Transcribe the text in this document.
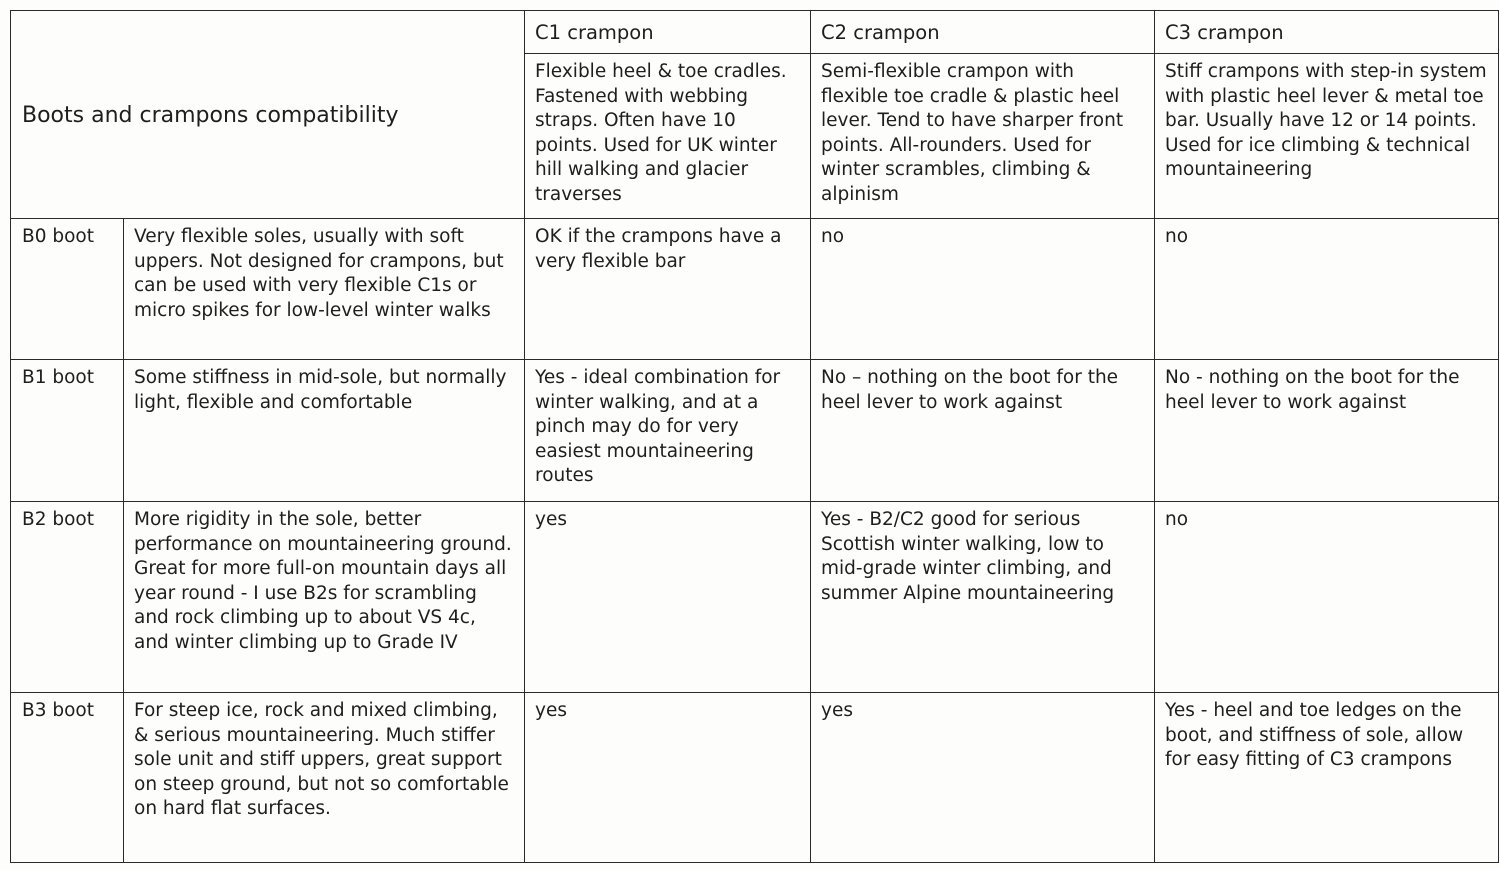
Boots and crampons compatibility		C1 crampon	C2 crampon	C3 crampon
		Flexible heel & toe cradles. Fastened with webbing straps. Often have 10 points. Used for UK winter hill walking and glacier traverses	Semi-flexible crampon with flexible toe cradle & plastic heel lever. Tend to have sharper front points. All-rounders. Used for winter scrambles, climbing & alpinism	Stiff crampons with step-in system with plastic heel lever & metal toe bar. Usually have 12 or 14 points. Used for ice climbing & technical mountaineering
B0 boot	Very flexible soles, usually with soft uppers. Not designed for crampons, but can be used with very flexible C1s or micro spikes for low-level winter walks	OK if the crampons have a very flexible bar	no	no
B1 boot	Some stiffness in mid-sole, but normally light, flexible and comfortable	Yes - ideal combination for winter walking, and at a pinch may do for very easiest mountaineering routes	No – nothing on the boot for the heel lever to work against	No - nothing on the boot for the heel lever to work against
B2 boot	More rigidity in the sole, better performance on mountaineering ground. Great for more full-on mountain days all year round - I use B2s for scrambling and rock climbing up to about VS 4c, and winter climbing up to Grade IV	yes	Yes - B2/C2 good for serious Scottish winter walking, low to mid-grade winter climbing, and summer Alpine mountaineering	no
B3 boot	For steep ice, rock and mixed climbing, & serious mountaineering. Much stiffer sole unit and stiff uppers, great support on steep ground, but not so comfortable on hard flat surfaces.	yes	yes	Yes - heel and toe ledges on the boot, and stiffness of sole, allow for easy fitting of C3 crampons
